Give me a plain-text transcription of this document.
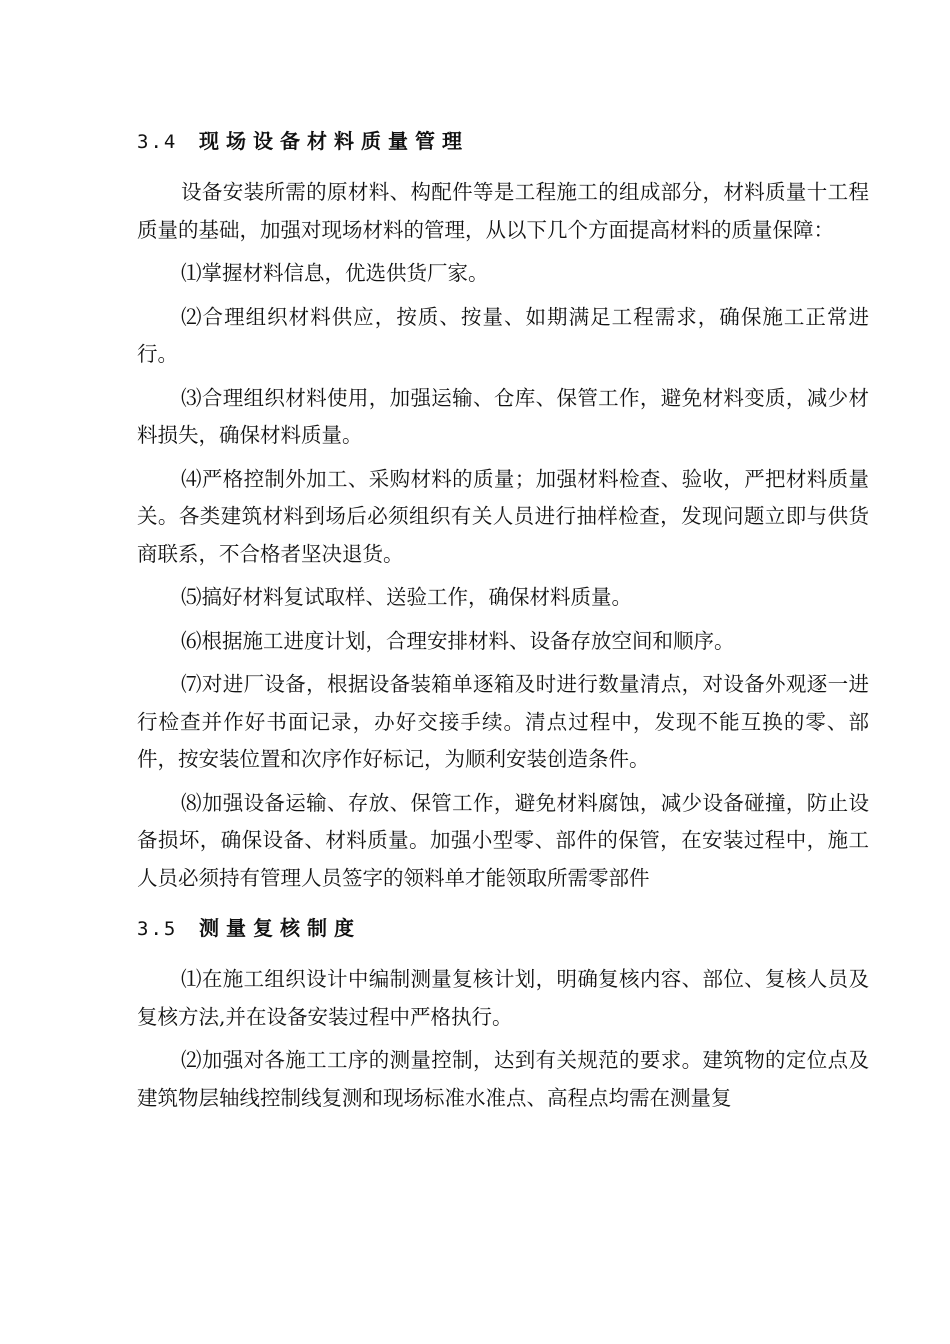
3.4	现场设备材料质量管理

设备安装所需的原材料、构配件等是工程施工的组成部分，材料质量十工程质量的基础，加强对现场材料的管理，从以下几个方面提高材料的质量保障：

⑴掌握材料信息，优选供货厂家。

⑵合理组织材料供应，按质、按量、如期满足工程需求，确保施工正常进行。

⑶合理组织材料使用，加强运输、仓库、保管工作，避免材料变质，减少材料损失，确保材料质量。

⑷严格控制外加工、采购材料的质量；加强材料检查、验收，严把材料质量关。各类建筑材料到场后必须组织有关人员进行抽样检查，发现问题立即与供货商联系，不合格者坚决退货。

⑸搞好材料复试取样、送验工作，确保材料质量。

⑹根据施工进度计划，合理安排材料、设备存放空间和顺序。

⑺对进厂设备，根据设备装箱单逐箱及时进行数量清点，对设备外观逐一进行检查并作好书面记录，办好交接手续。清点过程中，发现不能互换的零、部件，按安装位置和次序作好标记，为顺利安装创造条件。

⑻加强设备运输、存放、保管工作，避免材料腐蚀，减少设备碰撞，防止设备损坏，确保设备、材料质量。加强小型零、部件的保管，在安装过程中，施工人员必须持有管理人员签字的领料单才能领取所需零部件

3.5	测量复核制度

⑴在施工组织设计中编制测量复核计划，明确复核内容、部位、复核人员及复核方法,并在设备安装过程中严格执行。

⑵加强对各施工工序的测量控制，达到有关规范的要求。建筑物的定位点及建筑物层轴线控制线复测和现场标准水准点、高程点均需在测量复
